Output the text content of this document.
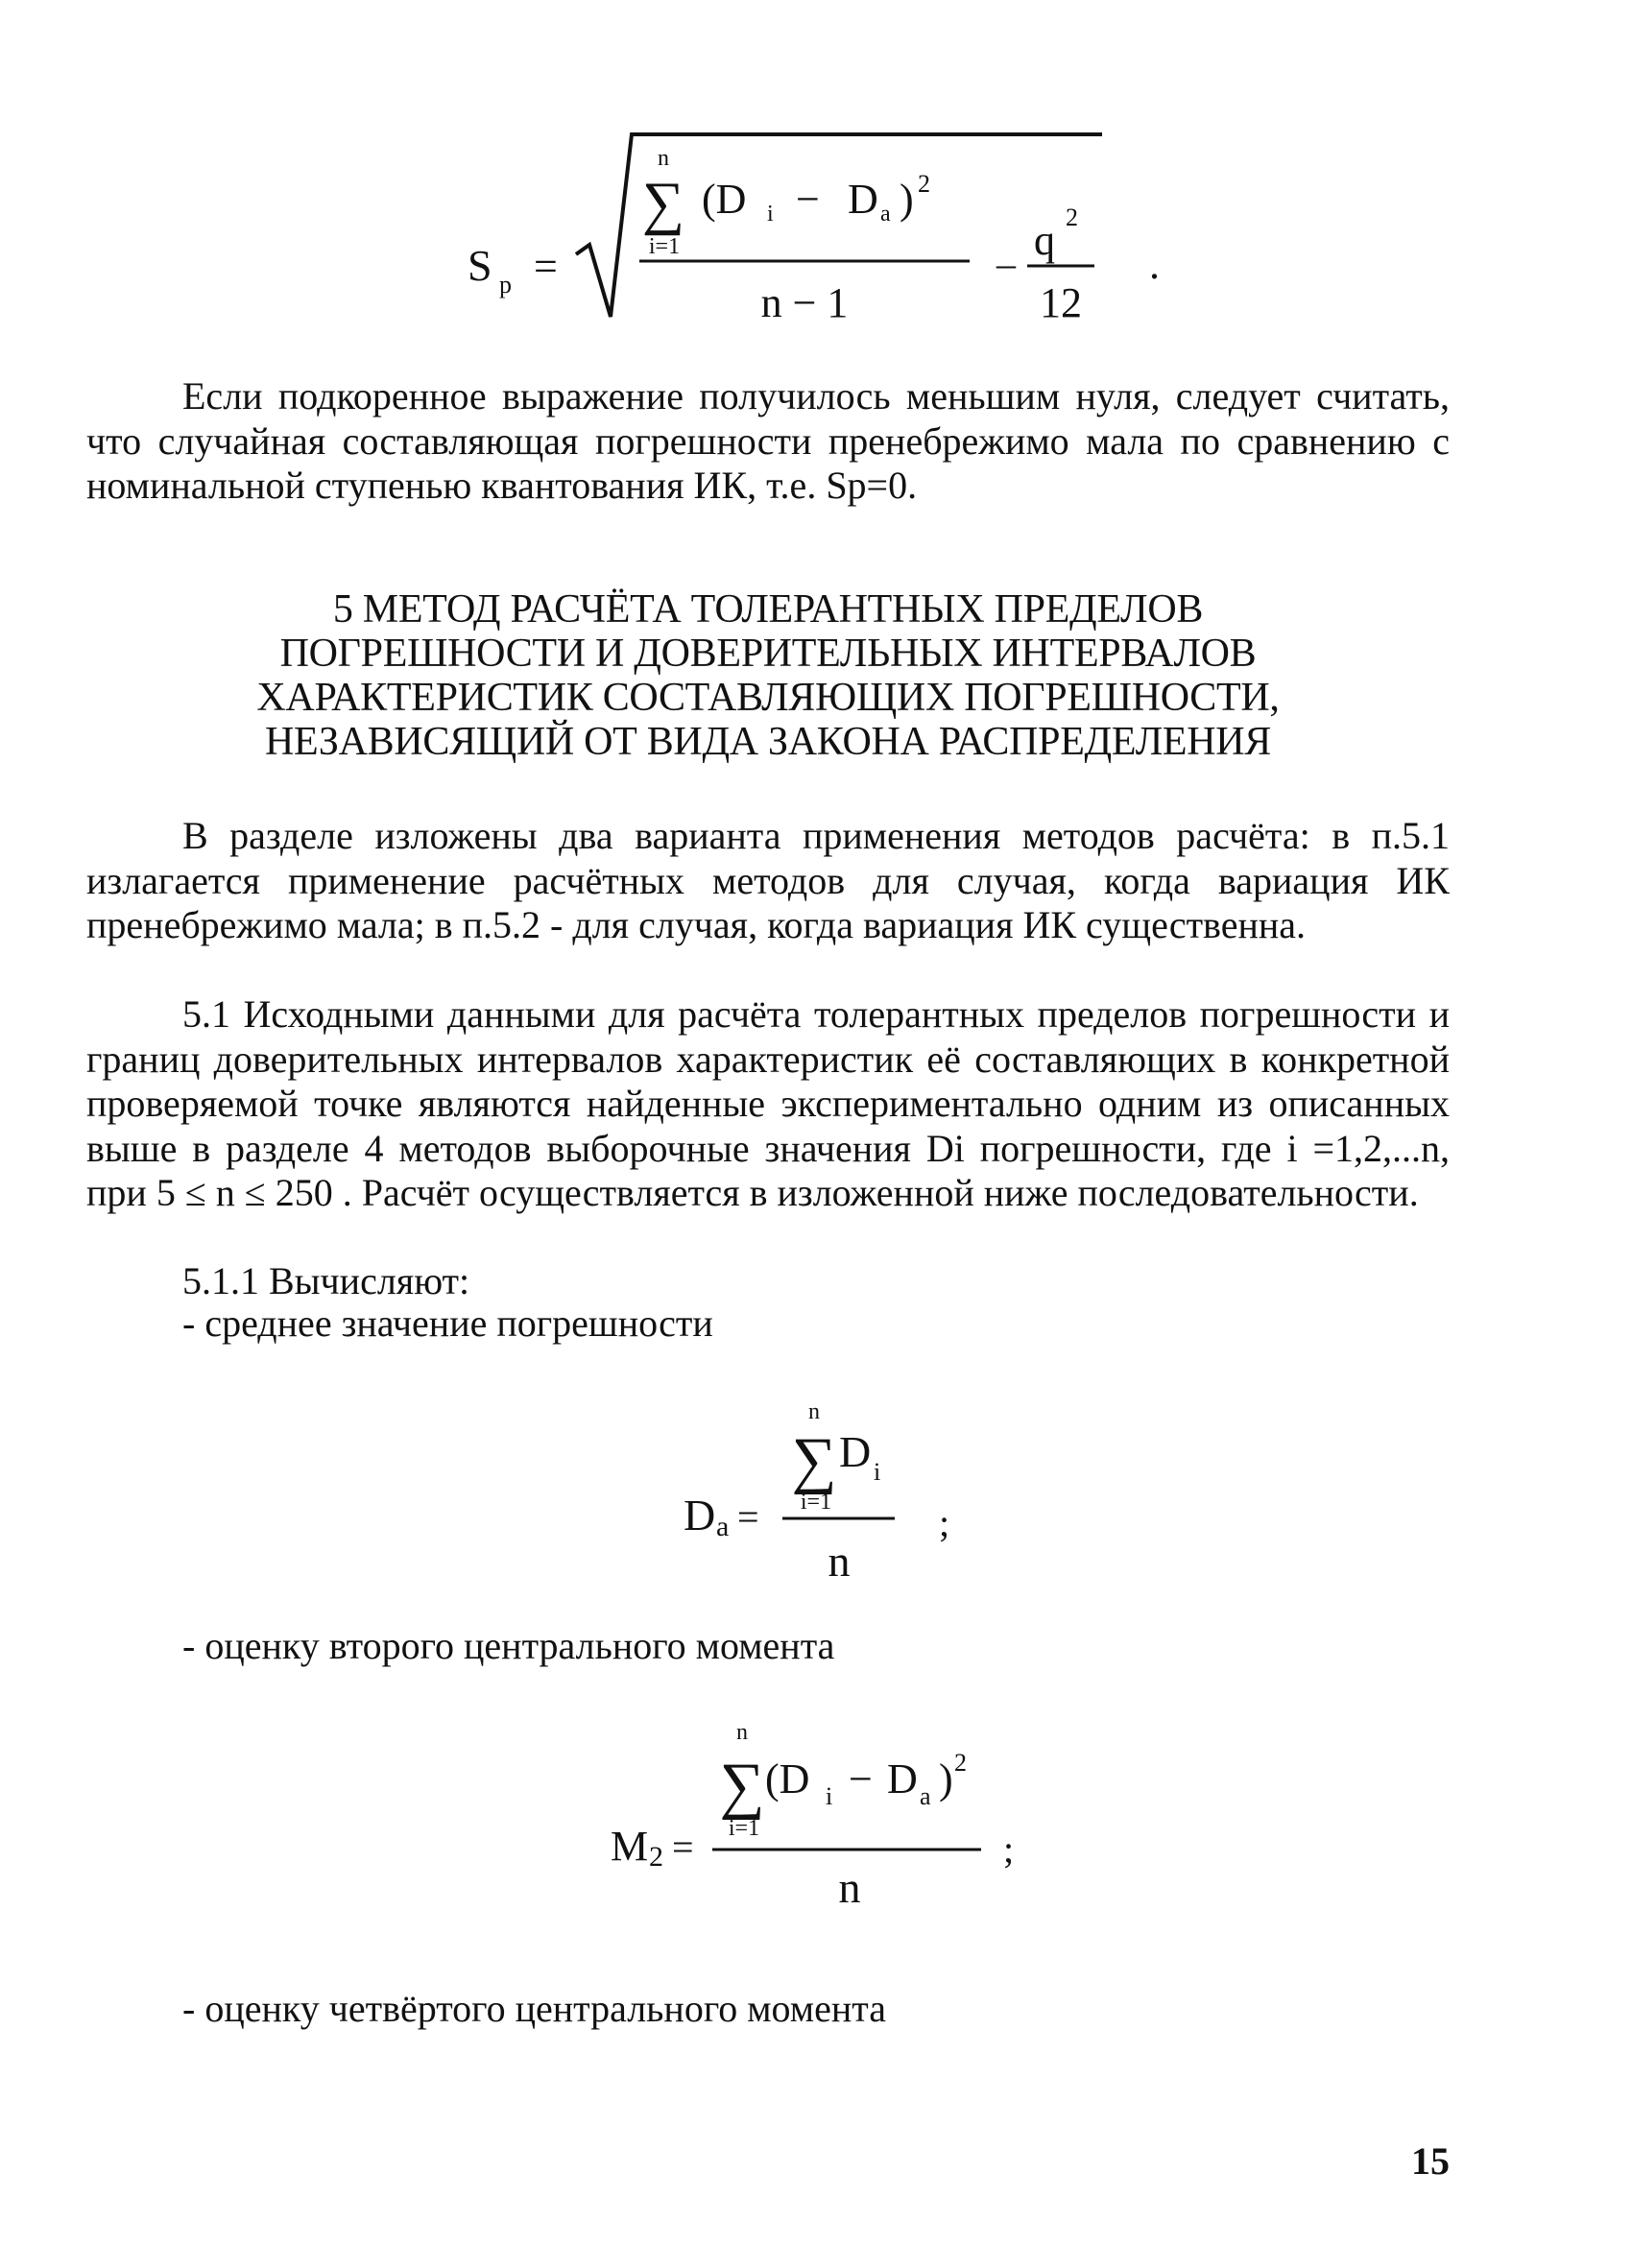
S p =
n
∑
i=1
(D i − D a ) 2
n − 1
– q 2
12
.

Если подкоренное выражение получилось меньшим нуля, следует считать, что случайная составляющая погрешности пренебрежимо мала по сравнению с номинальной ступенью квантования ИК, т.е. Sp=0.

5 МЕТОД РАСЧЁТА ТОЛЕРАНТНЫХ ПРЕДЕЛОВ
ПОГРЕШНОСТИ И ДОВЕРИТЕЛЬНЫХ ИНТЕРВАЛОВ
ХАРАКТЕРИСТИК СОСТАВЛЯЮЩИХ ПОГРЕШНОСТИ,
НЕЗАВИСЯЩИЙ ОТ ВИДА ЗАКОНА РАСПРЕДЕЛЕНИЯ

В разделе изложены два варианта применения методов расчёта: в п.5.1 излагается применение расчётных методов для случая, когда вариация ИК пренебрежимо мала; в п.5.2 - для случая, когда вариация ИК существенна.

5.1 Исходными данными для расчёта толерантных пределов погрешности и границ доверительных интервалов характеристик её составляющих в конкретной проверяемой точке являются найденные экспериментально одним из описанных выше в разделе 4 методов выборочные значения Di погрешности, где i =1,2,...n, при 5 ≤ n ≤ 250 . Расчёт осуществляется в изложенной ниже последовательности.

5.1.1 Вычисляют:
- среднее значение погрешности
D a =
n
∑
i=1
D i
n
;
- оценку второго центрального момента
M 2 =
n
∑
i=1
(D i − D a ) 2
n
;
- оценку четвёртого центрального момента
15
